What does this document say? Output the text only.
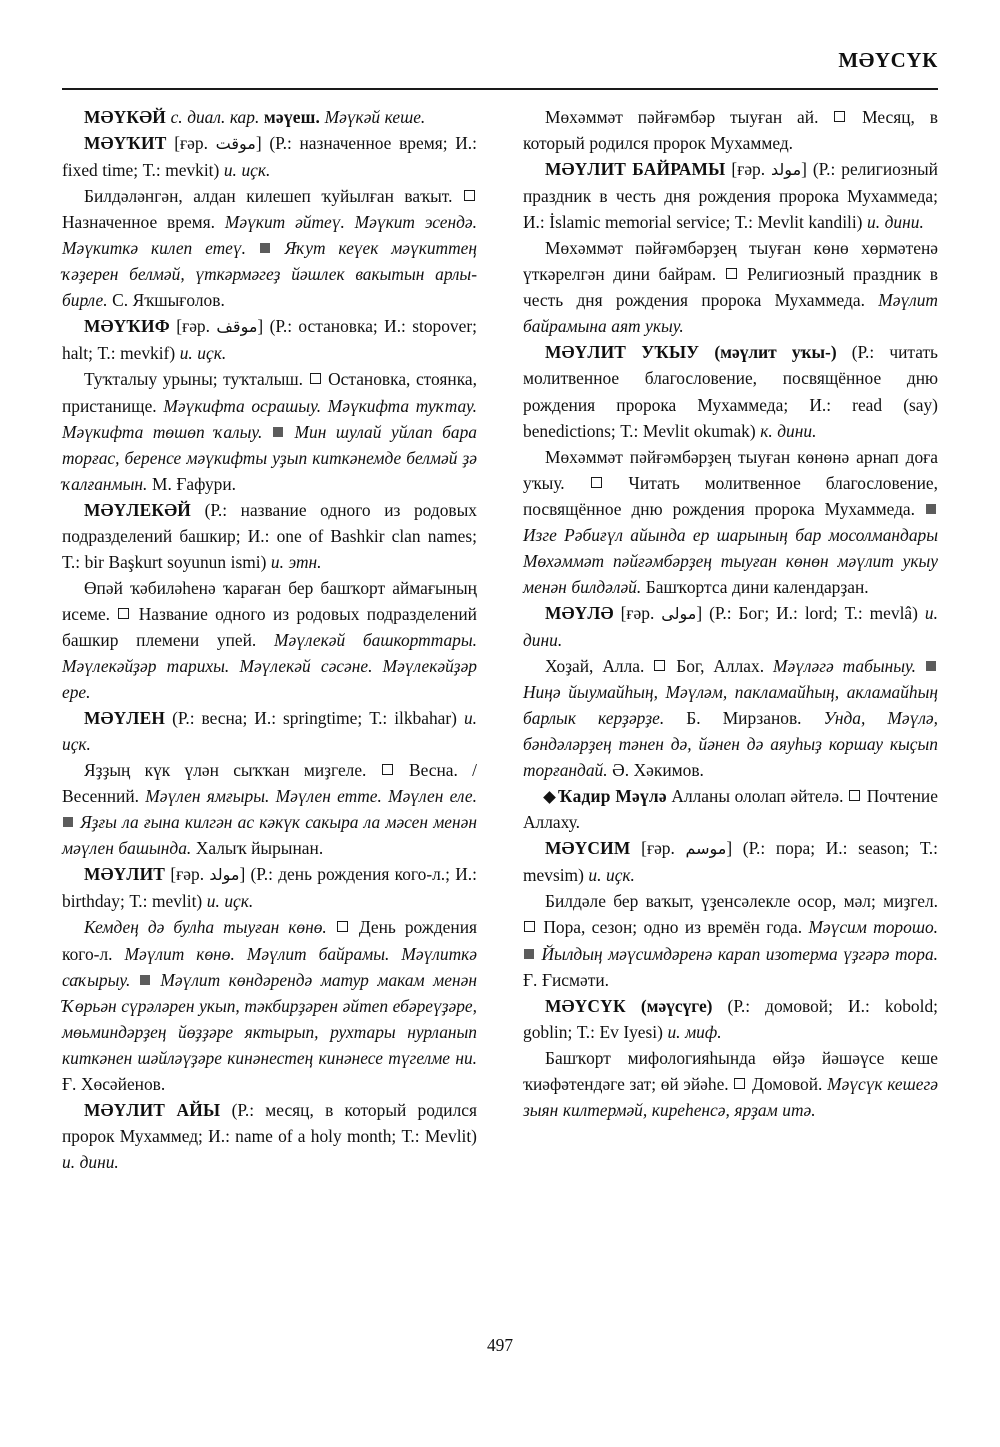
МӘҮСҮК

МӘҮКӘЙ с. диал. кар. мәүеш. Мәүкәй кеше.

МӘҮҠИТ [ғәр. موقت] (Р.: назначенное время; И.: fixed time; Т.: mevkit) и. иҫк.

Билдәләнгән, алдан килешеп ҡуйылған ваҡыт.  Назначенное время. Мәүкит әйтеү. Мәүкит эсендә. Мәүкиткә килеп етеү. Яҡут кеүек мәүкиттең ҡәҙерен белмәй, үткәрмәгеҙ йәшлек вакытын арлы-бирле. С. Яҡшығолов.

МӘҮҠИФ [ғәр. موقف] (Р.: остановка; И.: stopover; halt; Т.: mevkif) и. иҫк.

Туҡталыу урыны; туҡталыш. Остановка, стоянка, пристанище. Мәүкифта осрашыу. Мәүкифта туҡтау. Мәүкифта төшөп ҡалыу. Мин шулай уйлап бара торғас, беренсе мәүкифты уҙып киткәнемде белмәй ҙә ҡалғанмын. М. Ғафури.

МӘҮЛЕКӘЙ (Р.: название одного из родовых подразделений башкир; И.: one of Bashkir clan names; Т.: bir Başkurt soyunun ismi) и. этн.

Өпәй ҡәбиләһенә ҡараған бер башҡорт аймағының исеме. Название одного из родовых подразделений башкир племени упей. Мәүлекәй башкорттары. Мәүлекәйҙәр тарихы. Мәүлекәй сәсәне. Мәүлекәйҙәр ере.

МӘҮЛЕН (Р.: весна; И.: springtime; Т.: ilkbahar) и. иҫк.

Яҙҙың күк үлән сыҡҡан миҙгеле. Весна. / Весенний. Мәүлен ямғыры. Мәүлен етте. Мәүлен еле.  Яҙғы ла ғына килгән ас кәкүк сакыра ла мәсен менән мәүлен башында. Халыҡ йырынан.

МӘҮЛИТ [ғәр. مولد] (Р.: день рождения кого-л.; И.: birthday; Т.: mevlit) и. иҫк.

Кемдең дә булһа тыуған көнө. День рождения кого-л. Мәүлит көнө. Мәүлит байрамы. Мәүлиткә саҡырыу. Мәүлит көндәрендә матур макам менән Ҡөрьән сүрәләрен укып, тәкбирҙәрен әйтеп ебәреүҙәре, мөьминдәрҙең йөҙҙәре яктырып, рухтары нурланып киткәнен шәйләүҙәре кинәнестең кинәнесе түгелме ни. Ғ. Хөсәйенов.

МӘҮЛИТ АЙЫ (Р.: месяц, в который родился пророк Мухаммед; И.: name of a holy month; Т.: Mevlit) и. дини.

Мөхәммәт пәйғәмбәр тыуған ай.	Месяц, в который родился пророк Мухаммед.

МӘҮЛИТ БАЙРАМЫ [ғәр. مولد] (Р.: религиозный праздник в честь дня рождения пророка Мухаммеда; И.: İslamic memorial service; Т.: Mevlit kandili) и. дини.

Мөхәммәт пәйғәмбәрҙең тыуған көнө хөрмәтенә үткәрелгән дини байрам. Религиозный праздник в честь дня рождения пророка Мухаммеда. Мәүлит байрамына аят укыу.

МӘҮЛИТ УҠЫУ (мәүлит уҡы-) (Р.: читать молитвенное благословение, посвящённое дню рождения пророка Мухаммеда; И.: read (say) benedictions; Т.: Mevlit okumak) к. дини.

Мөхәммәт пәйғәмбәрҙең тыуған көнөнә арнап доға уҡыу.	Читать молитвенное благословение, посвящённое дню рождения пророка Мухаммеда.  Изге Рәбиғүл айында ер шарының бар мосолмандары Мөхәммәт пәйғәмбәрҙең тыуған көнөн мәүлит укыу менән билдәләй. Башҡортса дини календарҙан.

МӘҮЛӘ [ғәр. مولى] (Р.: Бог; И.: lord; Т.: mevlâ) и. дини.

Хоҙай, Алла. Бог, Аллах. Мәүләгә табыныу.  Ниңә йыумайһың, Мәүләм, пакламайһың, акламайһың барлык керҙәрҙе. Б. Мирзанов. Унда, Мәүлә, бәндәләрҙең тәнен дә, йәнен дә аяуһыҙ коршау кыҫып торғандай. Ә. Хәкимов.

Ҡадир Мәүлә Алланы ололап әйтелә. Почтение Аллаху.

МӘҮСИМ [ғәр. موسم] (Р.: пора; И.: season; Т.: mevsim) и. иҫк.

Билдәле бер ваҡыт, үҙенсәлекле осор, мәл; миҙгел.  Пора, сезон; одно из времён года. Мәүсим торошо.  Йылдың мәүсимдәренә карап изотерма үҙгәрә тора. Ғ. Ғисмәти.

МӘҮСҮК (мәүсүге) (Р.: домовой; И.: kobold; goblin; Т.: Ev Iyesi) и. миф.

Башҡорт мифологияһында өйҙә йәшәүсе кеше ҡиәфәтендәге зат; өй эйәһе. Домовой. Мәүсүк кешегә зыян килтермәй, киреһенсә, ярҙам итә.

497
